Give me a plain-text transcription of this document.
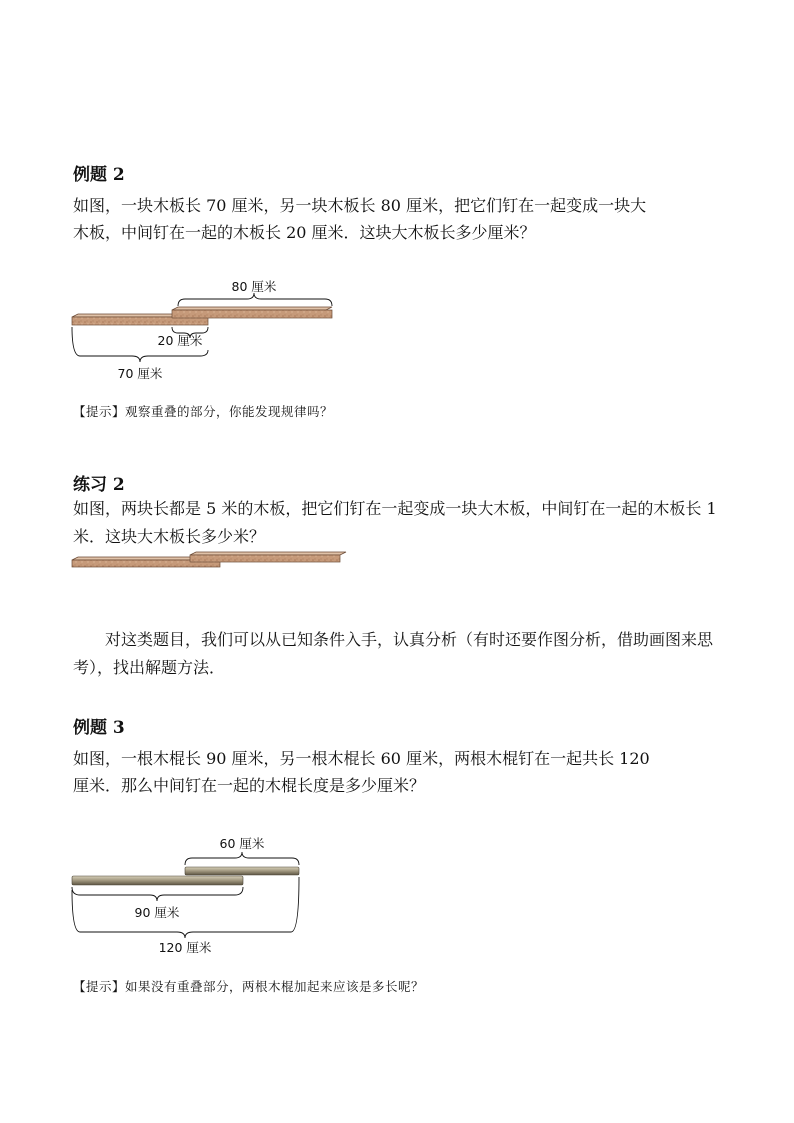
例题 2
如图，一块木板长 70 厘米，另一块木板长 80 厘米，把它们钉在一起变成一块大
木板，中间钉在一起的木板长 20 厘米．这块大木板长多少厘米？
80 厘米
20 厘米
70 厘米
【提示】观察重叠的部分，你能发现规律吗？
练习 2
如图，两块长都是 5 米的木板，把它们钉在一起变成一块大木板，中间钉在一起的木板长 1
米．这块大木板长多少米？
对这类题目，我们可以从已知条件入手，认真分析（有时还要作图分析，借助画图来思
考），找出解题方法．
例题 3
如图，一根木棍长 90 厘米，另一根木棍长 60 厘米，两根木棍钉在一起共长 120
厘米．那么中间钉在一起的木棍长度是多少厘米？
60 厘米
90 厘米
120 厘米
【提示】如果没有重叠部分，两根木棍加起来应该是多长呢？
